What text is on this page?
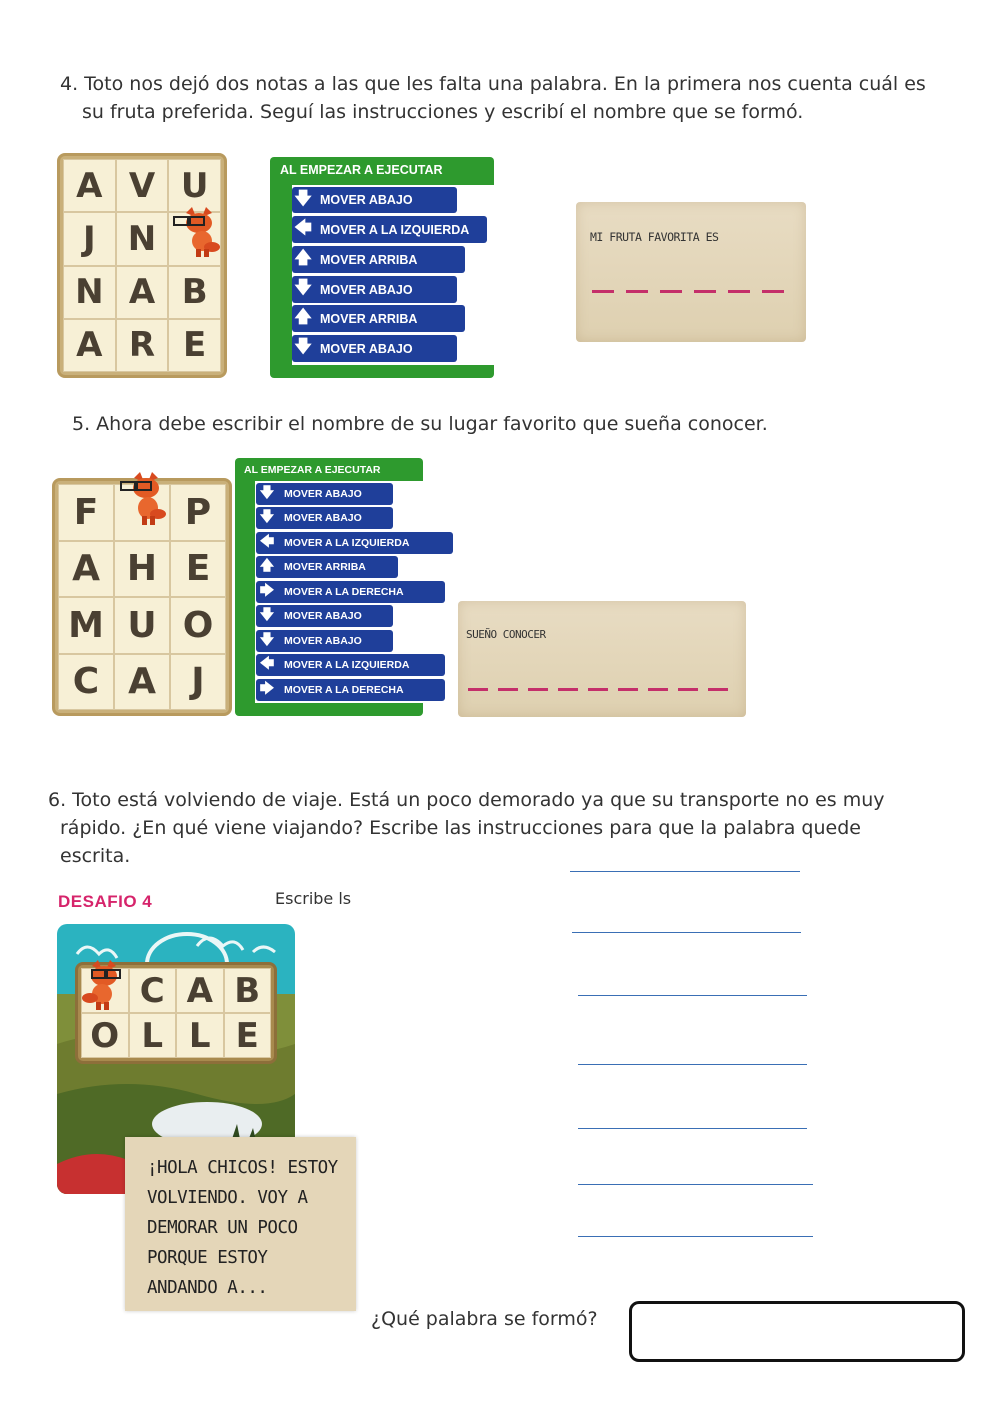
4. Toto nos dejó dos notas a las que les falta una palabra. En la primera nos cuenta cuál es
su fruta preferida. Seguí las instrucciones y escribí el nombre que se formó.
A V U
J N
N A B
A R E
AL EMPEZAR A EJECUTAR
🡇 MOVER ABAJO
🡄 MOVER A LA IZQUIERDA
🡅 MOVER ARRIBA
🡇 MOVER ABAJO
🡅 MOVER ARRIBA
🡇 MOVER ABAJO
MI FRUTA FAVORITA ES
5. Ahora debe escribir el nombre de su lugar favorito que sueña conocer.
F	P
A H E
M U O
C A J
AL EMPEZAR A EJECUTAR
🡇 MOVER ABAJO
🡇 MOVER ABAJO
🡄 MOVER A LA IZQUIERDA
🡅 MOVER ARRIBA
🡆 MOVER A LA DERECHA
🡇 MOVER ABAJO
🡇 MOVER ABAJO
🡄 MOVER A LA IZQUIERDA
🡆 MOVER A LA DERECHA
SUEÑO CONOCER
6. Toto está volviendo de viaje. Está un poco demorado ya que su transporte no es muy
rápido. ¿En qué viene viajando? Escribe las instrucciones para que la palabra quede
escrita.
DESAFIO 4	Escribe ls
C A B
O L L E
¡HOLA CHICOS! ESTOY
VOLVIENDO. VOY A
DEMORAR UN POCO
PORQUE ESTOY
ANDANDO A...
¿Qué palabra se formó?
